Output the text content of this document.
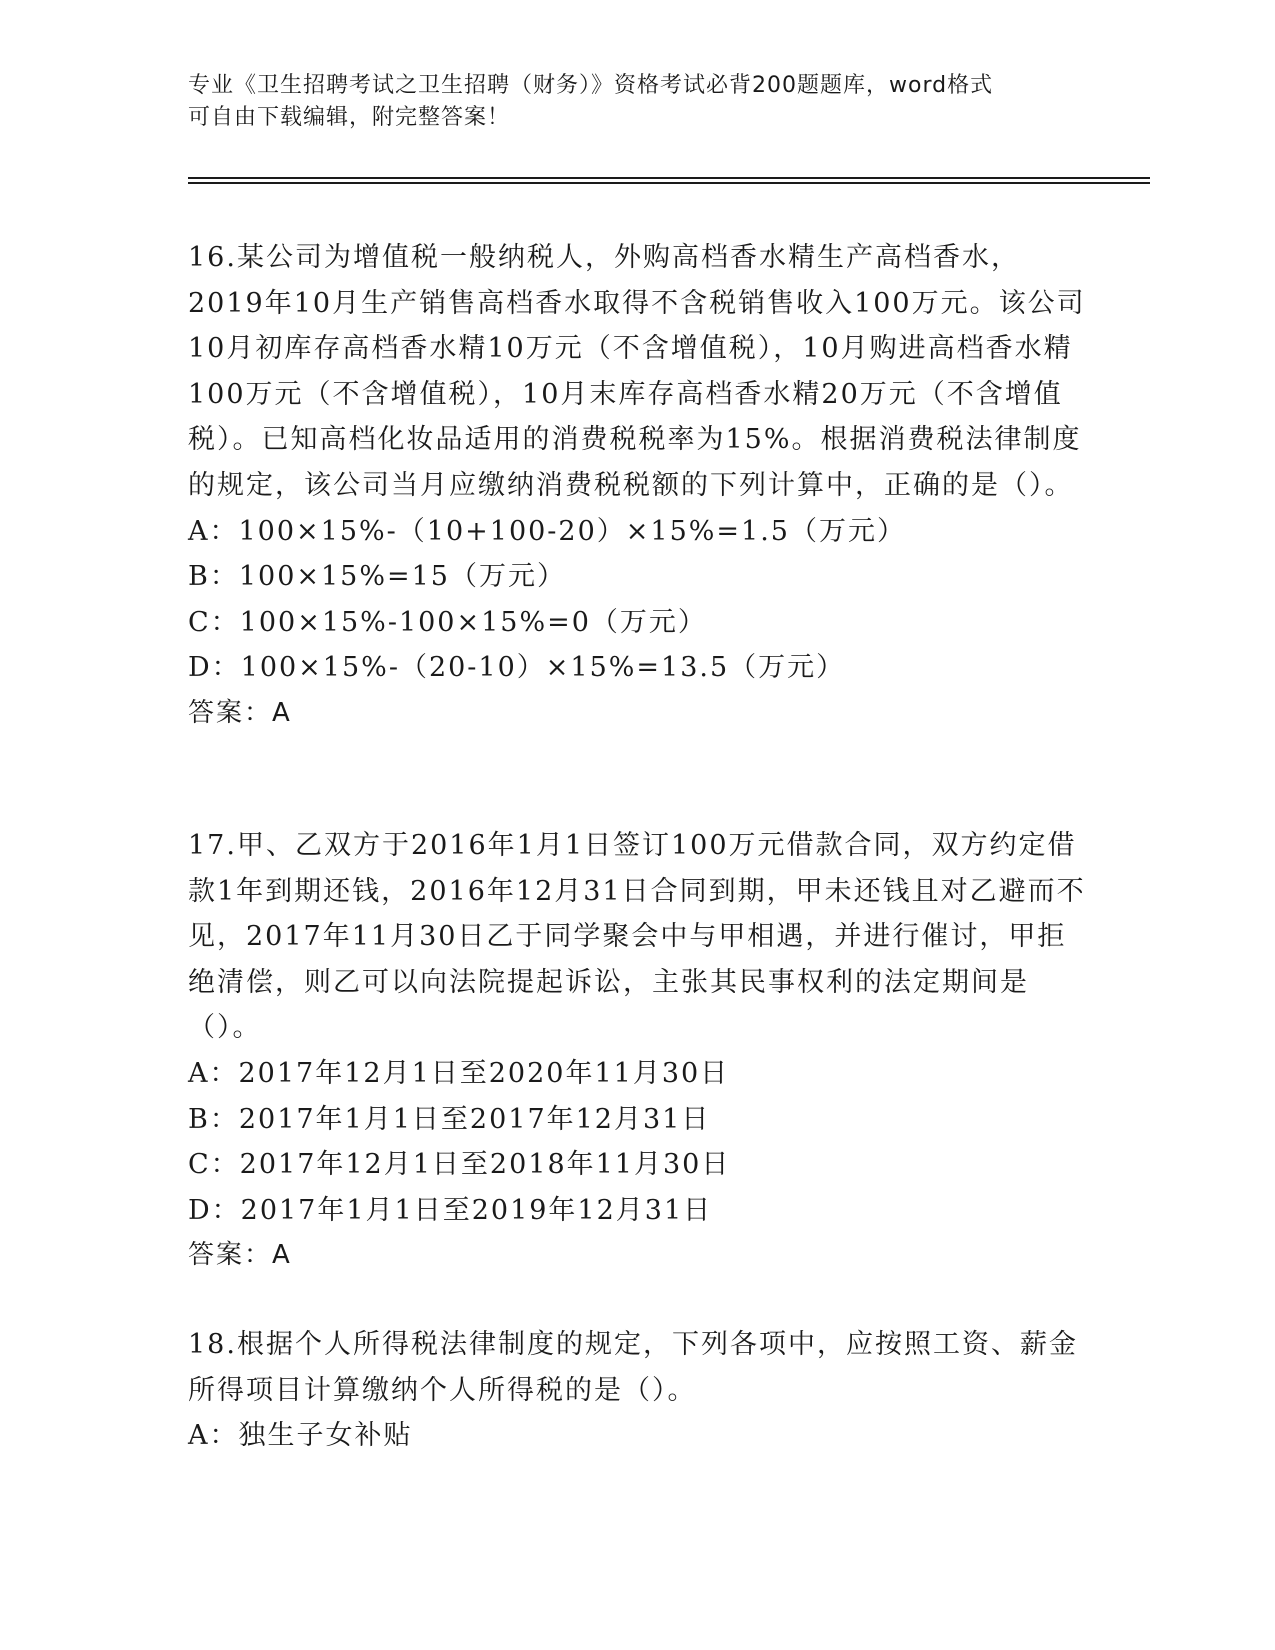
专业《卫生招聘考试之卫生招聘（财务）》资格考试必背200题题库，word格式
可自由下载编辑，附完整答案！

16.某公司为增值税一般纳税人，外购高档香水精生产高档香水，2019年10月生产销售高档香水取得不含税销售收入100万元。该公司10月初库存高档香水精10万元（不含增值税），10月购进高档香水精100万元（不含增值税），10月末库存高档香水精20万元（不含增值税）。已知高档化妆品适用的消费税税率为15%。根据消费税法律制度的规定，该公司当月应缴纳消费税税额的下列计算中，正确的是（）。

A：100×15%-（10+100-20）×15%=1.5（万元）

B：100×15%=15（万元）

C：100×15%-100×15%=0（万元）

D：100×15%-（20-10）×15%=13.5（万元）

答案：A

17.甲、乙双方于2016年1月1日签订100万元借款合同，双方约定借款1年到期还钱，2016年12月31日合同到期，甲未还钱且对乙避而不见，2017年11月30日乙于同学聚会中与甲相遇，并进行催讨，甲拒绝清偿，则乙可以向法院提起诉讼，主张其民事权利的法定期间是（）。

A：2017年12月1日至2020年11月30日

B：2017年1月1日至2017年12月31日

C：2017年12月1日至2018年11月30日

D：2017年1月1日至2019年12月31日

答案：A

18.根据个人所得税法律制度的规定，下列各项中，应按照工资、薪金所得项目计算缴纳个人所得税的是（）。

A：独生子女补贴
